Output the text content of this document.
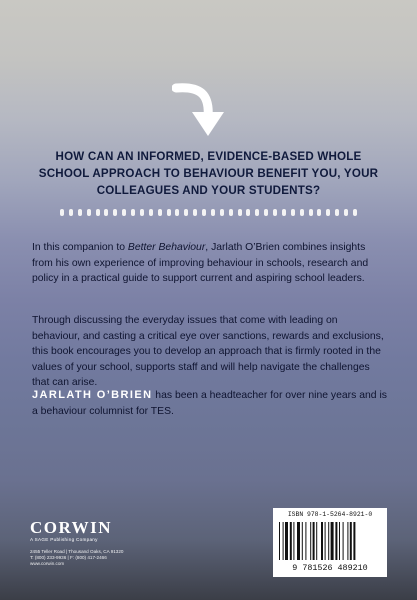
HOW CAN AN INFORMED, EVIDENCE-BASED WHOLE SCHOOL APPROACH TO BEHAVIOUR BENEFIT YOU, YOUR COLLEAGUES AND YOUR STUDENTS?

In this companion to Better Behaviour, Jarlath O’Brien combines insights from his own experience of improving behaviour in schools, research and policy in a practical guide to support current and aspiring school leaders.

Through discussing the everyday issues that come with leading on behaviour, and casting a critical eye over sanctions, rewards and exclusions, this book encourages you to develop an approach that is firmly rooted in the values of your school, supports staff and will help navigate the challenges that can arise.

JARLATH O’BRIEN has been a headteacher for over nine years and is a behaviour columnist for TES.

CORWIN
A SAGE Publishing Company
2455 Teller Road | Thousand Oaks, CA 91320
T: (800) 233-9936 | F: (800) 417-2466
www.corwin.com
ISBN 978-1-5264-8921-0
9 781526 489210
